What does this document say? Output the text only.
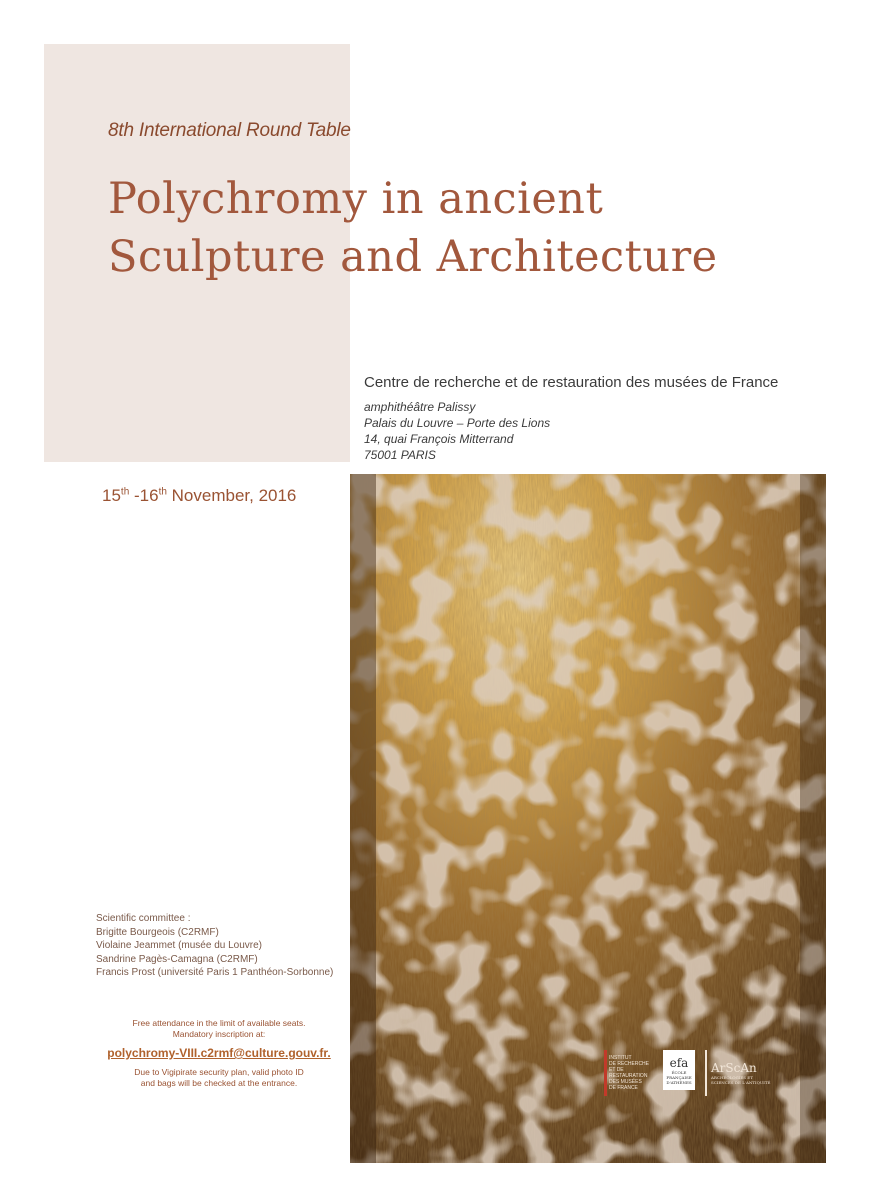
8th International Round Table
Polychromy in ancient
Sculpture and Architecture
Centre de recherche et de restauration des musées de France
amphithéâtre Palissy
Palais du Louvre – Porte des Lions
14, quai François Mitterrand
75001 PARIS
15th -16th November, 2016
Scientific committee :
Brigitte Bourgeois (C2RMF)
Violaine Jeammet (musée du Louvre)
Sandrine Pagès-Camagna (C2RMF)
Francis Prost (université Paris 1 Panthéon-Sorbonne)
Free attendance in the limit of available seats.
Mandatory inscription at:
polychromy-VIII.c2rmf@culture.gouv.fr.
Due to Vigipirate security plan, valid photo ID
and bags will be checked at the entrance.
INSTITUT
DE RECHERCHE
ET DE
RESTAURATION
DES MUSÉES
DE FRANCE
efa
ÉCOLE FRANÇAISE D'ATHÈNES
ArScAn
ARCHÉOLOGIES ET SCIENCES DE L'ANTIQUITÉ
